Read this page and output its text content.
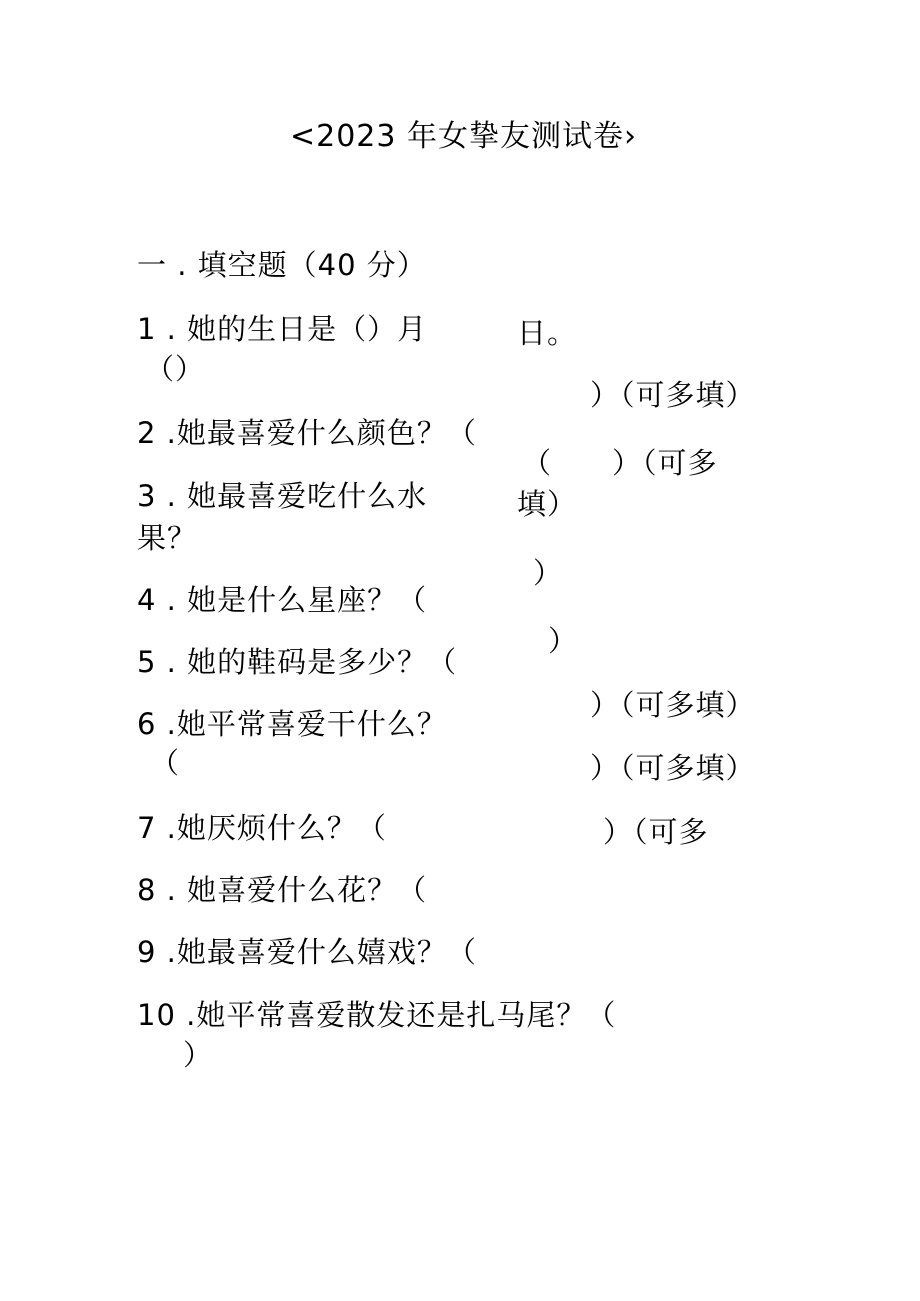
<2023 年女挚友测试卷›
一 . 填空题（40 分）
1 . 她的生日是（）月	日。
（）
）（可多填）
2 .她最喜爱什么颜色？（
（　　）（可多
3 . 她最喜爱吃什么水	填）
果？
）
4 . 她是什么星座？（
）
5 . 她的鞋码是多少？（
）（可多填）
6 .她平常喜爱干什么？
（	）（可多填）
7 .她厌烦什么？（	）（可多
8 . 她喜爱什么花？（
9 .她最喜爱什么嬉戏？（
10 .她平常喜爱散发还是扎马尾？（
）
